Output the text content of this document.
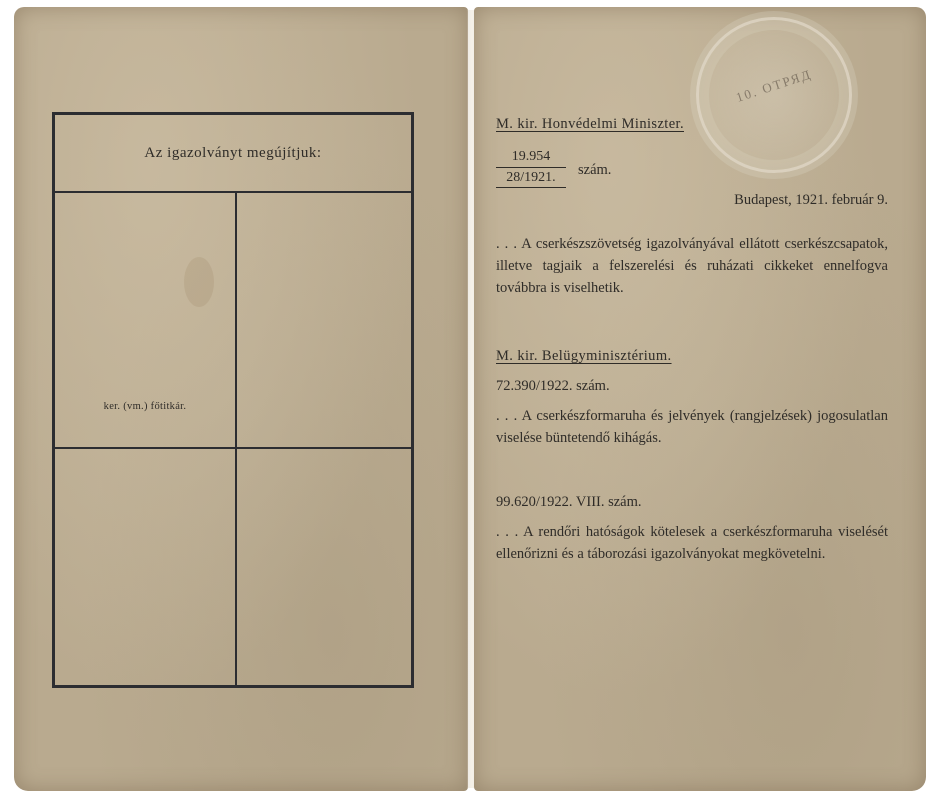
Az igazolványt megújítjuk:
ker. (vm.) főtitkár.
10. ОТРЯД
M. kir. Honvédelmi Miniszter.
$\frac{19.954}{28/1921.}$ szám.
Budapest, 1921. február 9.
. . . A cserkészszövetség igazolványával ellátott cserkészcsapatok, illetve tagjaik a felszerelési és ruházati cikkeket ennelfogva továbbra is viselhetik.
M. kir. Belügyminisztérium.
72.390/1922. szám.
. . . A cserkészformaruha és jelvények (rangjelzések) jogosulatlan viselése büntetendő kihágás.
99.620/1922. VIII. szám.
. . . A rendőri hatóságok kötelesek a cserkészformaruha viselését ellenőrizni és a táborozási igazolványokat megkövetelni.
